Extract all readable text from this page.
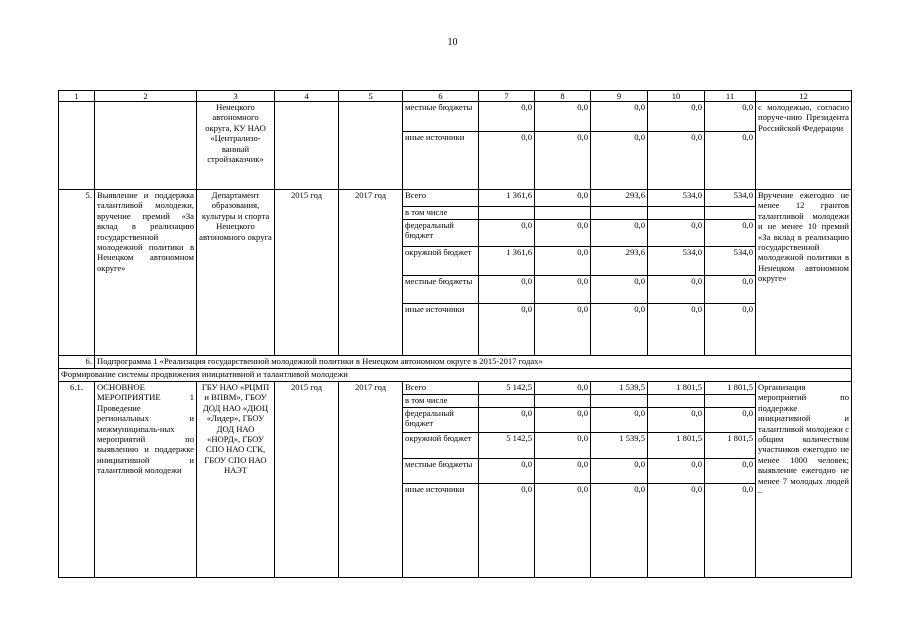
10
1	2	3	4	5	6	7	8	9	10	11	12
		Ненецкого автономного округа, КУ НАО «Централизо-ванный стройзаказчик»			местные бюджеты	0,0	0,0	0,0	0,0	0,0	с молодежью, согласно поруче-нию Президента Российской Федерации
					иные источники	0,0	0,0	0,0	0,0	0,0	
5.	Выявление и поддержка талантливой молодежи, вручение премий «За вклад в реализацию государственной молодежной политики в Ненецком автономном округе»	Департамент образования, культуры и спорта Ненецкого автономного округа	2015 год	2017 год	Всего	1 361,6	0,0	293,6	534,0	534,0	Вручение ежегодно не менее 12 грантов талантливой молодежи и не менее 10 премий «За вклад в реализацию государственной молодежной политики в Ненецком автономном округе»
					в том числе						
					федеральный бюджет	0,0	0,0	0,0	0,0	0,0	
					окружной бюджет	1 361,6	0,0	293,6	534,0	534,0	
					местные бюджеты	0,0	0,0	0,0	0,0	0,0	
					иные источники	0,0	0,0	0,0	0,0	0,0	
6.	Подпрограмма 1 «Реализация государственной молодежной политики в Ненецком автономном округе в 2015-2017 годах»										
Формирование системы продвижения инициативной и талантливой молодежи											
6.1.	ОСНОВНОЕ МЕРОПРИЯТИЕ 1 Проведение региональных и межмуниципаль-ных мероприятий по выявлению и поддержке инициативной и талантливой молодежи	ГБУ НАО «РЦМП и ВПВМ», ГБОУ ДОД НАО «ДЮЦ «Лидер», ГБОУ ДОД НАО «НОРД», ГБОУ СПО НАО СГК, ГБОУ СПО НАО НАЭТ	2015 год	2017 год	Всего	5 142,5	0,0	1 539,5	1 801,5	1 801,5	Организация мероприятий по поддержке инициативной и талантливой молодежи с общим количеством участников ежегодно не менее 1000 человек; выявление ежегодно не менее 7 молодых людей –
					в том числе						
					федеральный бюджет	0,0	0,0	0,0	0,0	0,0	
					окружной бюджет	5 142,5	0,0	1 539,5	1 801,5	1 801,5	
					местные бюджеты	0,0	0,0	0,0	0,0	0,0	
					иные источники	0,0	0,0	0,0	0,0	0,0	
